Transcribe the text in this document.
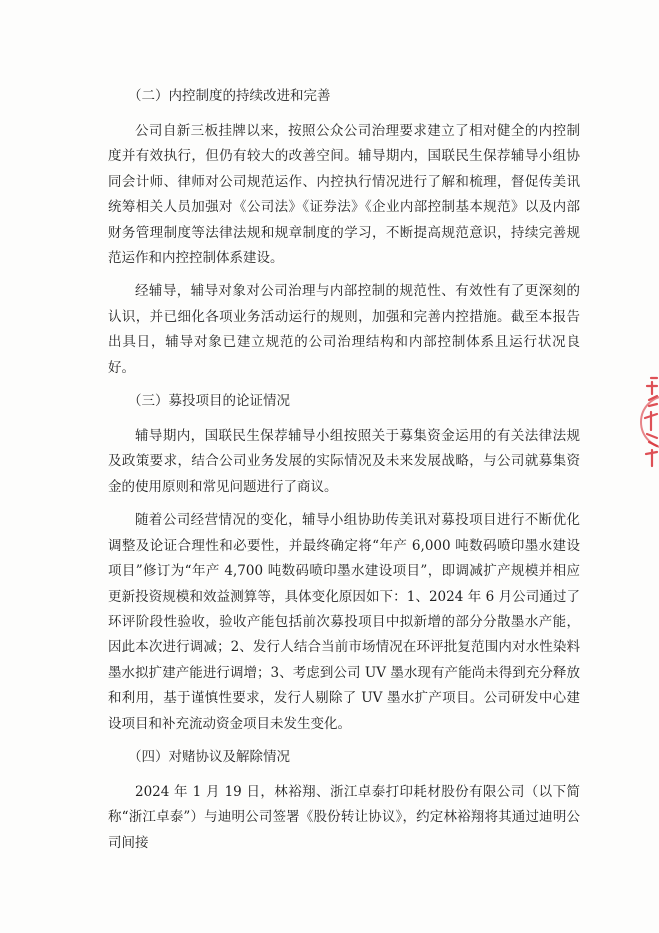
（二）内控制度的持续改进和完善

公司自新三板挂牌以来，按照公众公司治理要求建立了相对健全的内控制度并有效执行，但仍有较大的改善空间。辅导期内，国联民生保荐辅导小组协同会计师、律师对公司规范运作、内控执行情况进行了解和梳理，督促传美讯统筹相关人员加强对《公司法》《证券法》《企业内部控制基本规范》以及内部财务管理制度等法律法规和规章制度的学习，不断提高规范意识，持续完善规范运作和内控控制体系建设。

经辅导，辅导对象对公司治理与内部控制的规范性、有效性有了更深刻的认识，并已细化各项业务活动运行的规则，加强和完善内控措施。截至本报告出具日，辅导对象已建立规范的公司治理结构和内部控制体系且运行状况良好。

（三）募投项目的论证情况

辅导期内，国联民生保荐辅导小组按照关于募集资金运用的有关法律法规及政策要求，结合公司业务发展的实际情况及未来发展战略，与公司就募集资金的使用原则和常见问题进行了商议。

随着公司经营情况的变化，辅导小组协助传美讯对募投项目进行不断优化调整及论证合理性和必要性，并最终确定将“年产 6,000 吨数码喷印墨水建设项目”修订为“年产 4,700 吨数码喷印墨水建设项目”，即调减扩产规模并相应更新投资规模和效益测算等，具体变化原因如下：1、2024 年 6 月公司通过了环评阶段性验收，验收产能包括前次募投项目中拟新增的部分分散墨水产能，因此本次进行调减；2、发行人结合当前市场情况在环评批复范围内对水性染料墨水拟扩建产能进行调增；3、考虑到公司 UV 墨水现有产能尚未得到充分释放和利用，基于谨慎性要求，发行人剔除了 UV 墨水扩产项目。公司研发中心建设项目和补充流动资金项目未发生变化。

（四）对赌协议及解除情况

2024 年 1 月 19 日，林裕翔、浙江卓泰打印耗材股份有限公司（以下简称“浙江卓泰”）与迪明公司签署《股份转让协议》，约定林裕翔将其通过迪明公司间接
